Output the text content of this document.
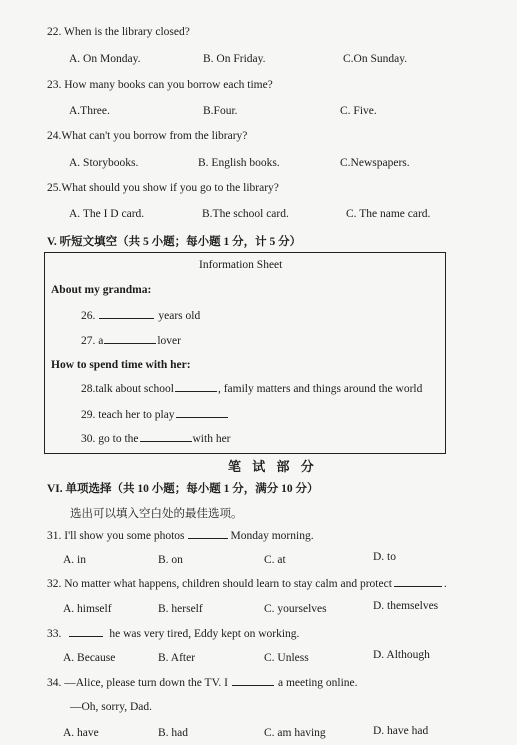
22. When is the library closed?
A. On Monday.	B. On Friday.	C.On Sunday.
23. How many books can you borrow each time?
A.Three.	B.Four.	C. Five.
24.What can't you borrow from the library?
A. Storybooks.	B. English books.	C.Newspapers.
25.What should you show if you go to the library?
A. The I D card.	B.The school card.	C. The name card.
V. 听短文填空（共 5 小题；每小题 1 分，计 5 分）
Information Sheet
About my grandma:
26.	years old
27. a	lover
How to spend time with her:
28.talk about school	, family matters and things around the world
29. teach her to play
30. go to the	with her
笔 试 部 分
VI. 单项选择（共 10 小题；每小题 1 分，满分 10 分）
选出可以填入空白处的最佳选项。
31. I'll show you some photos	Monday morning.
A. in	B. on	C. at	D. to
32. No matter what happens, children should learn to stay calm and protect	.
A. himself	B. herself	C. yourselves	D. themselves
33.	he was very tired, Eddy kept on working.
A. Because	B. After	C. Unless	D. Although
34. —Alice, please turn down the TV. I	a meeting online.
—Oh, sorry, Dad.
A. have	B. had	C. am having	D. have had
